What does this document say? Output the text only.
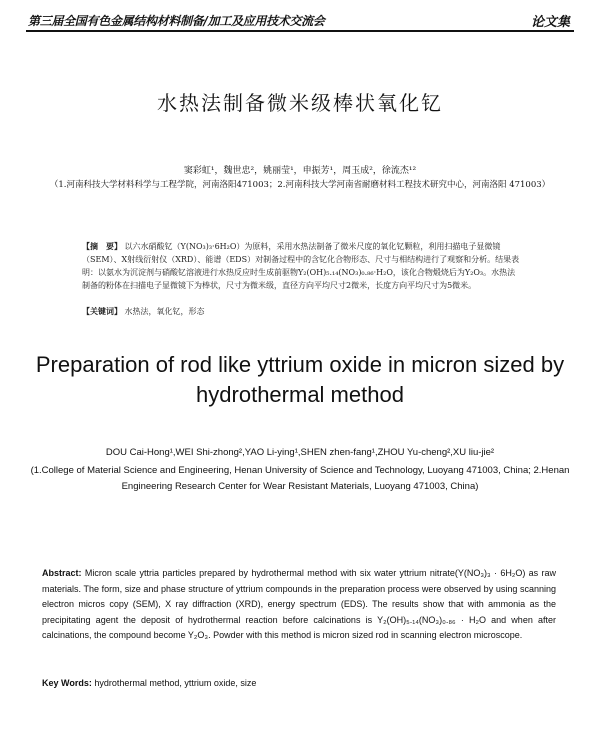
第三届全国有色金属结构材料制备/加工及应用技术交流会	论文集
水热法制备微米级棒状氧化钇
窦彩虹¹，魏世忠²，姚丽莹¹，申振芳¹，周玉成²，徐流杰¹²
（1.河南科技大学材料科学与工程学院，河南洛阳471003；2.河南科技大学河南省耐磨材料工程技术研究中心，河南洛阳 471003）
【摘　要】 以六水硝酸钇（Y(NO₃)₃·6H₂O）为原料，采用水热法制备了微米尺度的氧化钇颗粒，利用扫描电子显微镜（SEM）、X射线衍射仪（XRD）、能谱（EDS）对制备过程中的含钇化合物形态、尺寸与相结构进行了观察和分析。结果表明：以氨水为沉淀剂与硝酸钇溶液进行水热反应时生成前驱物Y₂(OH)₅.₁₄(NO₃)₀.₈₆·H₂O，该化合物煅烧后为Y₂O₃。水热法制备的粉体在扫描电子显微镜下为棒状，尺寸为微米级，直径方向平均尺寸2微米，长度方向平均尺寸为5微米。
【关键词】 水热法，氧化钇，形态
Preparation of rod like yttrium oxide in micron sized by hydrothermal method
DOU Cai-Hong¹,WEI Shi-zhong²,YAO Li-ying¹,SHEN zhen-fang¹,ZHOU Yu-cheng²,XU liu-jie²
(1.College of Material Science and Engineering, Henan University of Science and Technology, Luoyang 471003, China; 2.Henan Engineering Research Center for Wear Resistant Materials, Luoyang 471003, China)
Abstract: Micron scale yttria particles prepared by hydrothermal method with six water yttrium nitrate(Y(NO₃)₃ · 6H₂O) as raw materials. The form, size and phase structure of yttrium compounds in the preparation process were observed by using scanning electron micros copy (SEM), X ray diffraction (XRD), energy spectrum (EDS). The results show that with ammonia as the precipitating agent the deposit of hydrothermal reaction before calcinations is Y₂(OH)₅.₁₄(NO₃)₀.₈₆ · H₂O and when after calcinations, the compound become Y₂O₃. Powder with this method is micron sized rod in scanning electron microscope.
Key Words: hydrothermal method, yttrium oxide, size
